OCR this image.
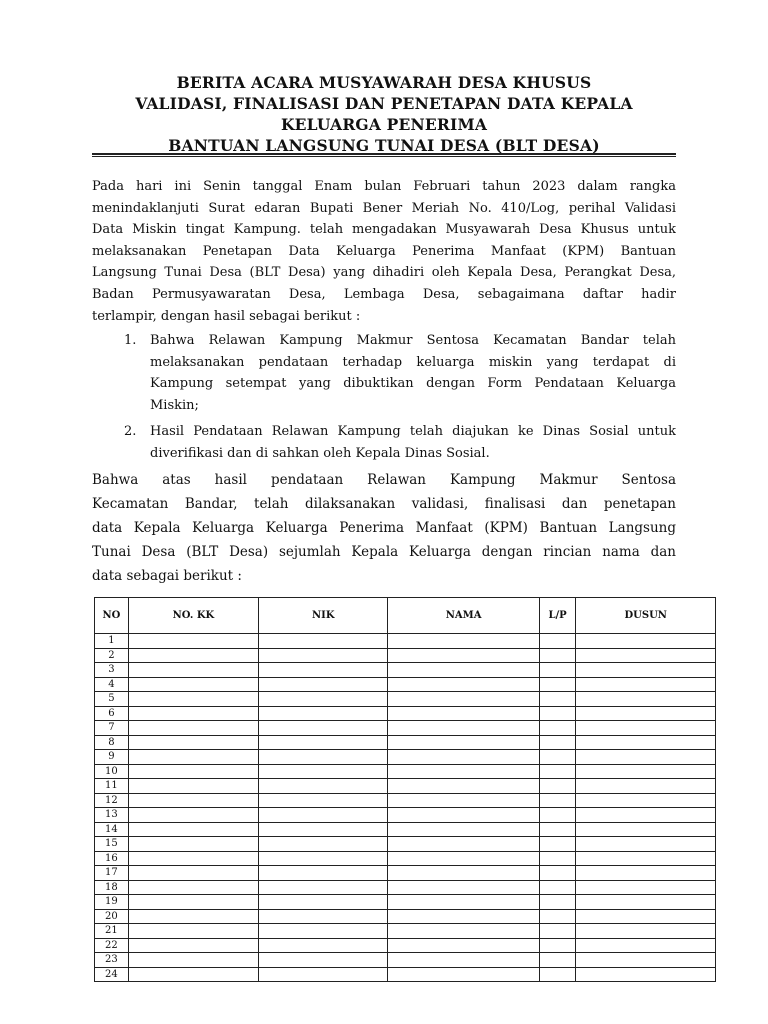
BERITA ACARA MUSYAWARAH DESA KHUSUS
VALIDASI, FINALISASI DAN PENETAPAN DATA KEPALA
KELUARGA PENERIMA
BANTUAN LANGSUNG TUNAI DESA (BLT DESA)
Pada hari ini Senin tanggal Enam bulan Februari tahun 2023 dalam rangka
menindaklanjuti Surat edaran Bupati Bener Meriah No. 410/Log, perihal Validasi
Data Miskin tingat Kampung. telah mengadakan Musyawarah Desa Khusus untuk
melaksanakan Penetapan Data Keluarga Penerima Manfaat (KPM) Bantuan
Langsung Tunai Desa (BLT Desa) yang dihadiri oleh Kepala Desa, Perangkat Desa,
Badan Permusyawaratan Desa, Lembaga Desa, sebagaimana daftar hadir
terlampir, dengan hasil sebagai berikut :
1. Bahwa Relawan Kampung Makmur Sentosa Kecamatan Bandar telah
melaksanakan pendataan terhadap keluarga miskin yang terdapat di
Kampung setempat yang dibuktikan dengan Form Pendataan Keluarga
Miskin;
2. Hasil Pendataan Relawan Kampung telah diajukan ke Dinas Sosial untuk
diverifikasi dan di sahkan oleh Kepala Dinas Sosial.
Bahwa atas hasil pendataan Relawan Kampung Makmur Sentosa
Kecamatan Bandar, telah dilaksanakan validasi, finalisasi dan penetapan
data Kepala Keluarga Keluarga Penerima Manfaat (KPM) Bantuan Langsung
Tunai Desa (BLT Desa) sejumlah Kepala Keluarga dengan rincian nama dan
data sebagai berikut :
NO	NO. KK	NIK	NAMA	L/P	DUSUN
1					
2					
3					
4					
5					
6					
7					
8					
9					
10					
11					
12					
13					
14					
15					
16					
17					
18					
19					
20					
21					
22					
23					
24					
